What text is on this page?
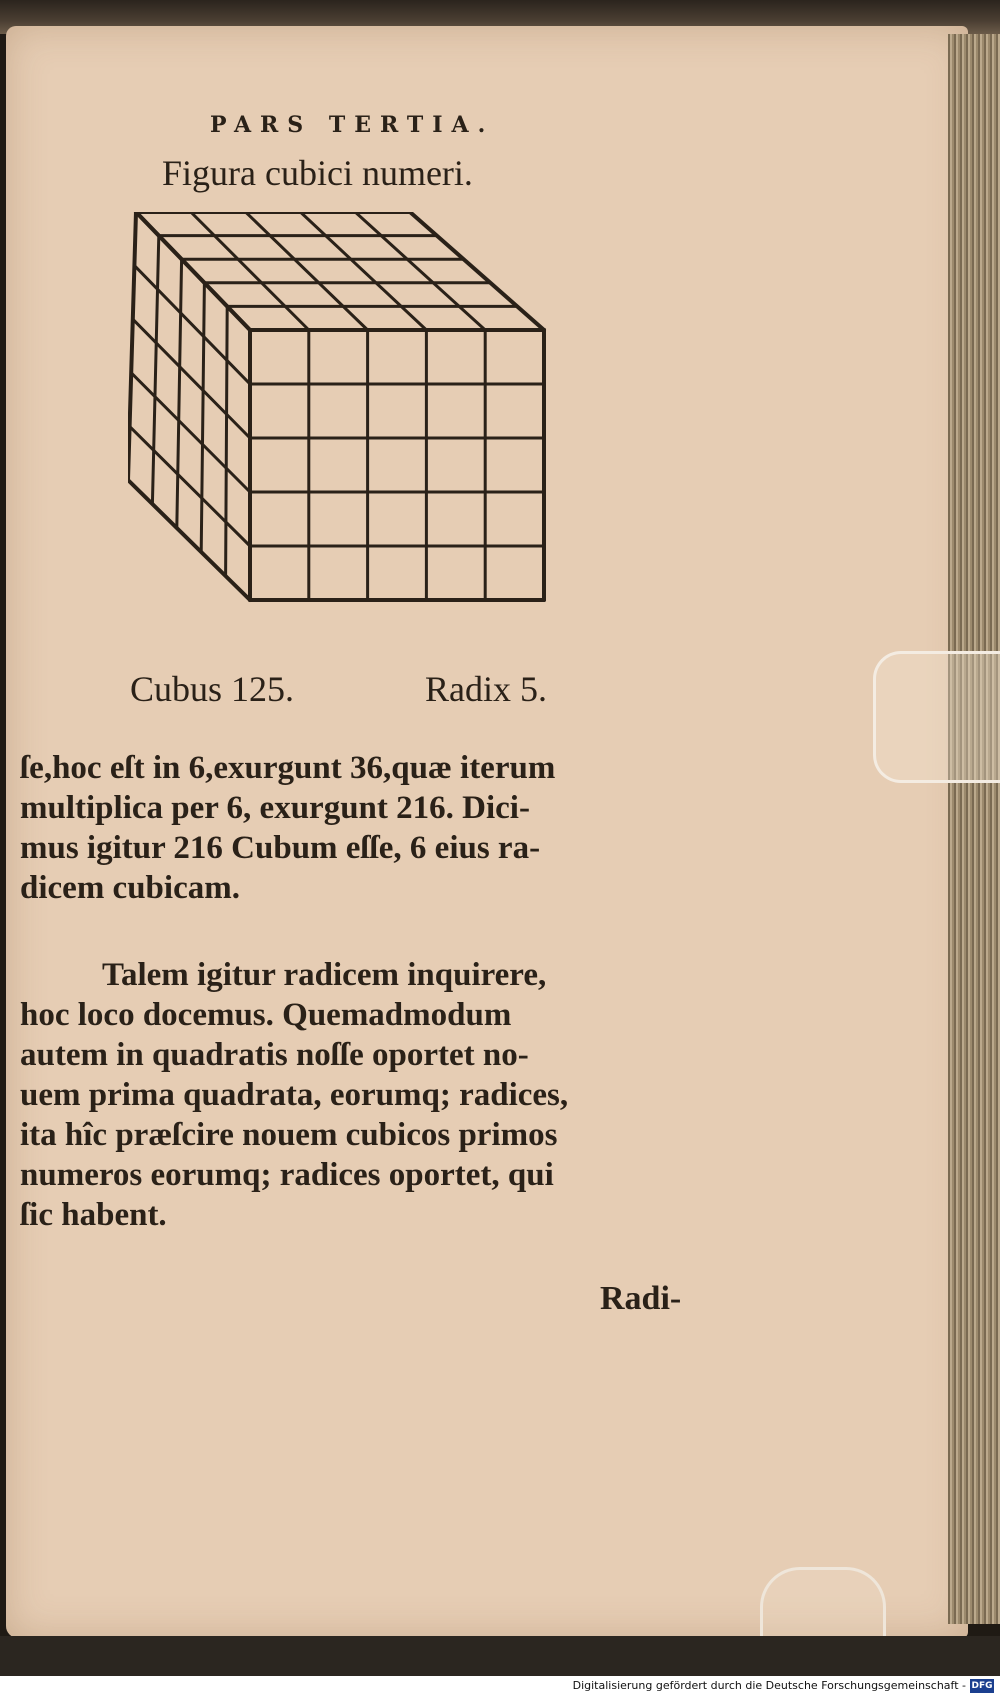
PARS TERTIA.
Figura cubici numeri.
Cubus 125.	Radix 5.
ſe,hoc eſt in 6,exurgunt 36,quæ iterum
multiplica per 6, exurgunt 216. Dici-
mus igitur 216 Cubum eſſe, 6 eius ra-
dicem cubicam.
Talem igitur radicem inquirere,
hoc loco docemus. Quemadmodum
autem in quadratis noſſe oportet no-
uem prima quadrata, eorumq; radices,
ita hîc præſcire nouem cubicos primos
numeros eorumq; radices oportet, qui
ſic habent.
Radi-
Digitalisierung gefördert durch die Deutsche Forschungsgemeinschaft - DFG
